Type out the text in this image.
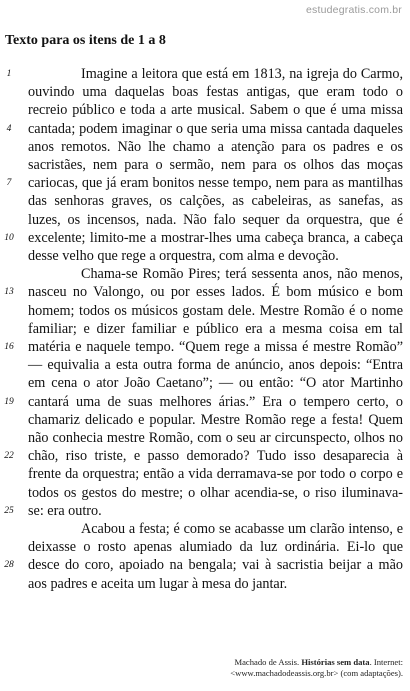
estudegratis.com.br
Texto para os itens de 1 a 8
1
4
7
10
13
16
19
22
25
28

Imagine a leitora que está em 1813, na igreja do Carmo, ouvindo uma daquelas boas festas antigas, que eram todo o recreio público e toda a arte musical. Sabem o que é uma missa cantada; podem imaginar o que seria uma missa cantada daqueles anos remotos. Não lhe chamo a atenção para os padres e os sacristães, nem para o sermão, nem para os olhos das moças cariocas, que já eram bonitos nesse tempo, nem para as mantilhas das senhoras graves, os calções, as cabeleiras, as sanefas, as luzes, os incensos, nada. Não falo sequer da orquestra, que é excelente; limito-me a mostrar-lhes uma cabeça branca, a cabeça desse velho que rege a orquestra, com alma e devoção.

Chama-se Romão Pires; terá sessenta anos, não menos, nasceu no Valongo, ou por esses lados. É bom músico e bom homem; todos os músicos gostam dele. Mestre Romão é o nome familiar; e dizer familiar e público era a mesma coisa em tal matéria e naquele tempo. “Quem rege a missa é mestre Romão” — equivalia a esta outra forma de anúncio, anos depois: “Entra em cena o ator João Caetano”; — ou então: “O ator Martinho cantará uma de suas melhores árias.” Era o tempero certo, o chamariz delicado e popular. Mestre Romão rege a festa! Quem não conhecia mestre Romão, com o seu ar circunspecto, olhos no chão, riso triste, e passo demorado? Tudo isso desaparecia à frente da orquestra; então a vida derramava-se por todo o corpo e todos os gestos do mestre; o olhar acendia-se, o riso iluminava-se: era outro.

Acabou a festa; é como se acabasse um clarão intenso, e deixasse o rosto apenas alumiado da luz ordinária. Ei-lo que desce do coro, apoiado na bengala; vai à sacristia beijar a mão aos padres e aceita um lugar à mesa do jantar.

Machado de Assis. Histórias sem data. Internet:
<www.machadodeassis.org.br> (com adaptações).
